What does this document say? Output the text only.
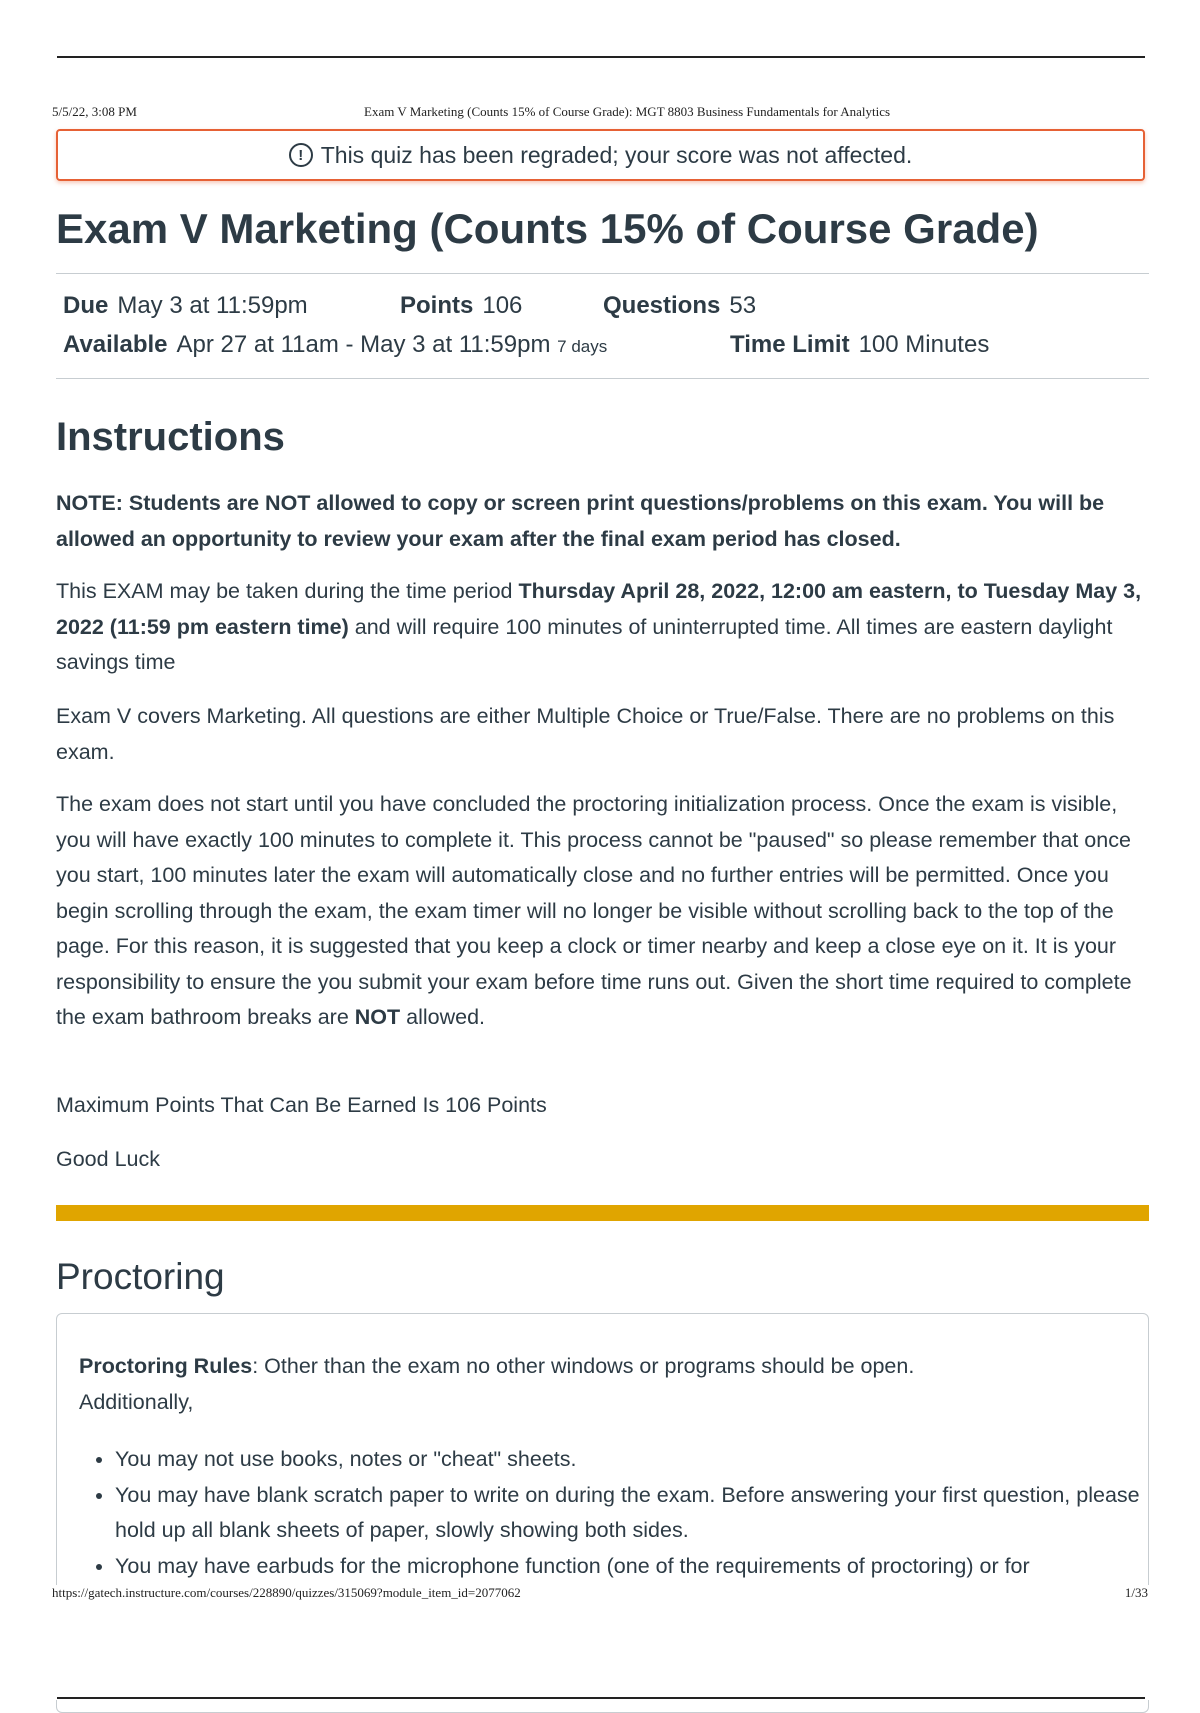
5/5/22, 3:08 PM	Exam V Marketing (Counts 15% of Course Grade): MGT 8803 Business Fundamentals for Analytics
! This quiz has been regraded; your score was not affected.
Exam V Marketing (Counts 15% of Course Grade)
Due May 3 at 11:59pm	Points 106	Questions 53
Available Apr 27 at 11am - May 3 at 11:59pm 7 days	Time Limit 100 Minutes
Instructions

NOTE: Students are NOT allowed to copy or screen print questions/problems on this exam. You will be allowed an opportunity to review your exam after the final exam period has closed.

This EXAM may be taken during the time period Thursday April 28, 2022, 12:00 am eastern, to Tuesday May 3, 2022 (11:59 pm eastern time) and will require 100 minutes of uninterrupted time. All times are eastern daylight savings time

Exam V covers Marketing. All questions are either Multiple Choice or True/False. There are no problems on this exam.

The exam does not start until you have concluded the proctoring initialization process. Once the exam is visible, you will have exactly 100 minutes to complete it. This process cannot be "paused" so please remember that once you start, 100 minutes later the exam will automatically close and no further entries will be permitted. Once you begin scrolling through the exam, the exam timer will no longer be visible without scrolling back to the top of the page. For this reason, it is suggested that you keep a clock or timer nearby and keep a close eye on it. It is your responsibility to ensure the you submit your exam before time runs out. Given the short time required to complete the exam bathroom breaks are NOT allowed.

Maximum Points That Can Be Earned Is 106 Points

Good Luck

Proctoring

Proctoring Rules: Other than the exam no other windows or programs should be open. Additionally,

• You may not use books, notes or "cheat" sheets.
• You may have blank scratch paper to write on during the exam. Before answering your first question, please hold up all blank sheets of paper, slowly showing both sides.
• You may have earbuds for the microphone function (one of the requirements of proctoring) or for
https://gatech.instructure.com/courses/228890/quizzes/315069?module_item_id=2077062	1/33
